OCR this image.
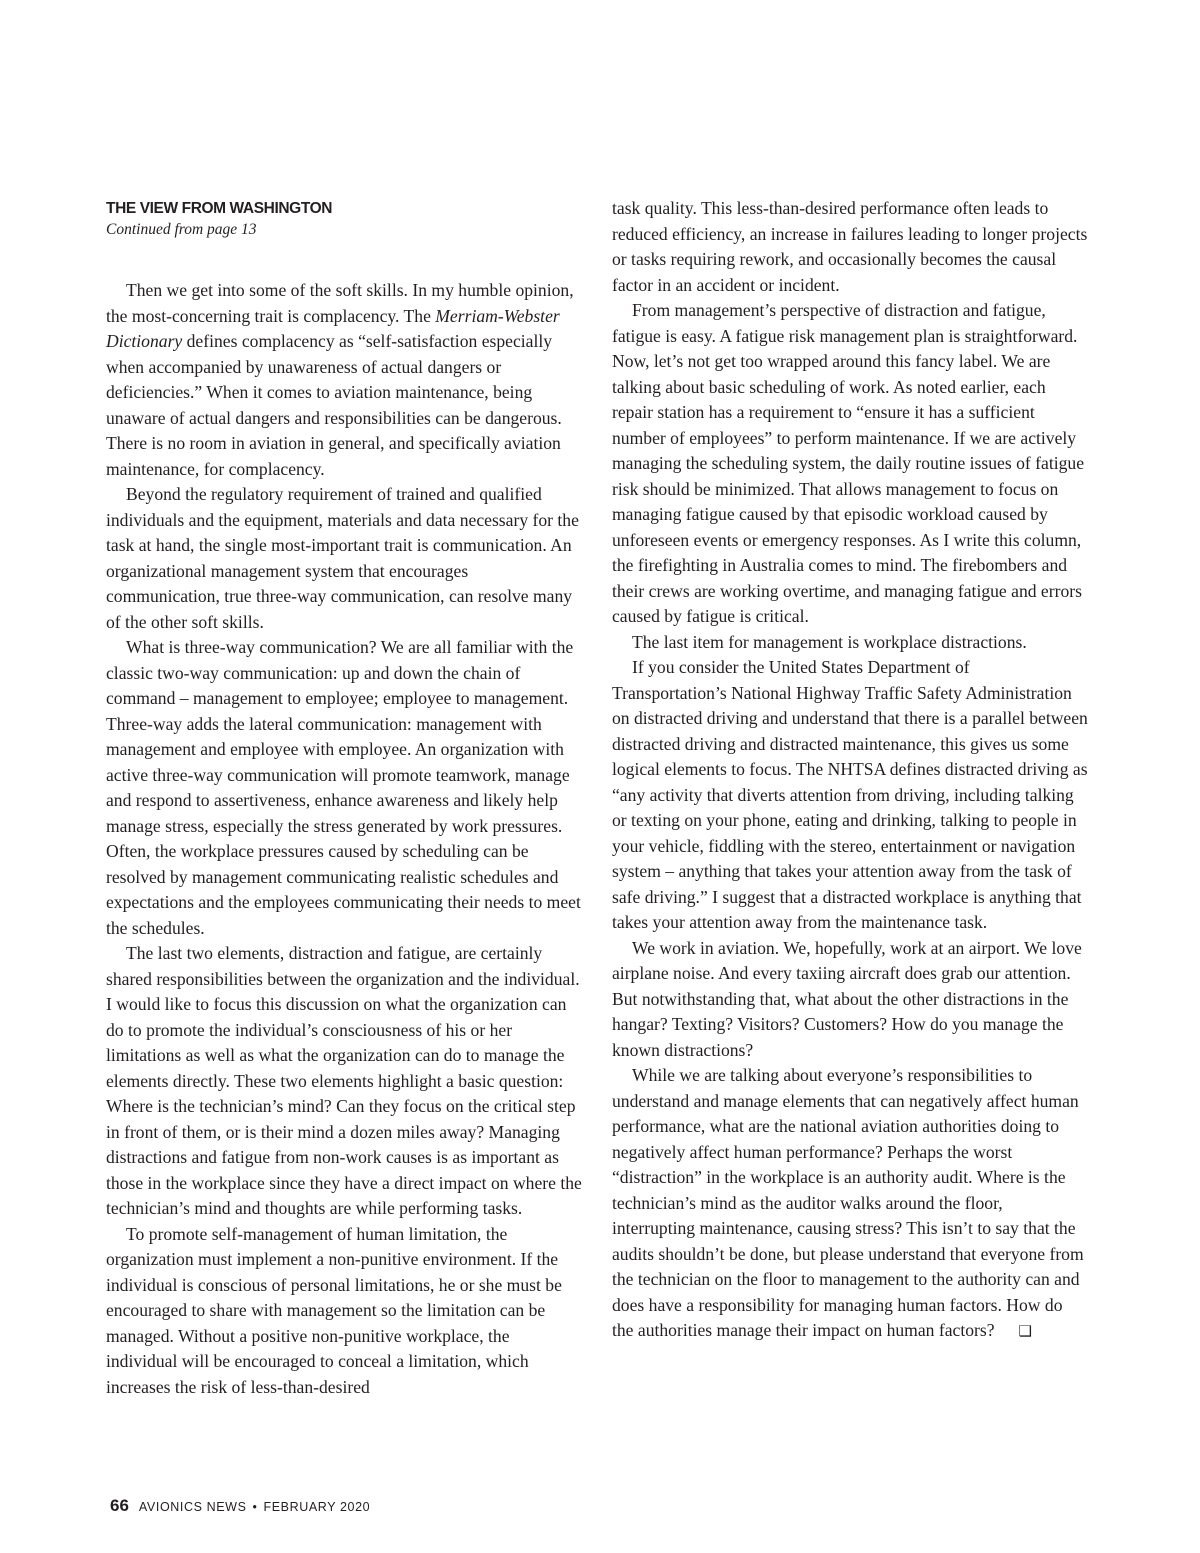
THE VIEW FROM WASHINGTON
Continued from page 13

Then we get into some of the soft skills. In my humble opinion, the most-concerning trait is complacency. The Merriam-Webster Dictionary defines complacency as “self-satisfaction especially when accompanied by unawareness of actual dangers or deficiencies.” When it comes to aviation maintenance, being unaware of actual dangers and responsibilities can be dangerous. There is no room in aviation in general, and specifically aviation maintenance, for complacency.

Beyond the regulatory requirement of trained and qualified individuals and the equipment, materials and data necessary for the task at hand, the single most-important trait is communication. An organizational management system that encourages communication, true three-way communication, can resolve many of the other soft skills.

What is three-way communication? We are all familiar with the classic two-way communication: up and down the chain of command – management to employee; employee to management. Three-way adds the lateral communication: management with management and employee with employee. An organization with active three-way communication will promote teamwork, manage and respond to assertiveness, enhance awareness and likely help manage stress, especially the stress generated by work pressures. Often, the workplace pressures caused by scheduling can be resolved by management communicating realistic schedules and expectations and the employees communicating their needs to meet the schedules.

The last two elements, distraction and fatigue, are certainly shared responsibilities between the organization and the individual. I would like to focus this discussion on what the organization can do to promote the individual’s consciousness of his or her limitations as well as what the organization can do to manage the elements directly. These two elements highlight a basic question: Where is the technician’s mind? Can they focus on the critical step in front of them, or is their mind a dozen miles away? Managing distractions and fatigue from non-work causes is as important as those in the workplace since they have a direct impact on where the technician’s mind and thoughts are while performing tasks.

To promote self-management of human limitation, the organization must implement a non-punitive environment. If the individual is conscious of personal limitations, he or she must be encouraged to share with management so the limitation can be managed. Without a positive non-punitive workplace, the individual will be encouraged to conceal a limitation, which increases the risk of less-than-desired

task quality. This less-than-desired performance often leads to reduced efficiency, an increase in failures leading to longer projects or tasks requiring rework, and occasionally becomes the causal factor in an accident or incident.

From management’s perspective of distraction and fatigue, fatigue is easy. A fatigue risk management plan is straightforward. Now, let’s not get too wrapped around this fancy label. We are talking about basic scheduling of work. As noted earlier, each repair station has a requirement to “ensure it has a sufficient number of employees” to perform maintenance. If we are actively managing the scheduling system, the daily routine issues of fatigue risk should be minimized. That allows management to focus on managing fatigue caused by that episodic workload caused by unforeseen events or emergency responses. As I write this column, the firefighting in Australia comes to mind. The firebombers and their crews are working overtime, and managing fatigue and errors caused by fatigue is critical.

The last item for management is workplace distractions.

If you consider the United States Department of Transportation’s National Highway Traffic Safety Administration on distracted driving and understand that there is a parallel between distracted driving and distracted maintenance, this gives us some logical elements to focus. The NHTSA defines distracted driving as “any activity that diverts attention from driving, including talking or texting on your phone, eating and drinking, talking to people in your vehicle, fiddling with the stereo, entertainment or navigation system – anything that takes your attention away from the task of safe driving.” I suggest that a distracted workplace is anything that takes your attention away from the maintenance task.

We work in aviation. We, hopefully, work at an airport. We love airplane noise. And every taxiing aircraft does grab our attention. But notwithstanding that, what about the other distractions in the hangar? Texting? Visitors? Customers? How do you manage the known distractions?

While we are talking about everyone’s responsibilities to understand and manage elements that can negatively affect human performance, what are the national aviation authorities doing to negatively affect human performance? Perhaps the worst “distraction” in the workplace is an authority audit. Where is the technician’s mind as the auditor walks around the floor, interrupting maintenance, causing stress? This isn’t to say that the audits shouldn’t be done, but please understand that everyone from the technician on the floor to management to the authority can and does have a responsibility for managing human factors. How do the authorities manage their impact on human factors? ❑

66 AVIONICS NEWS • FEBRUARY 2020
